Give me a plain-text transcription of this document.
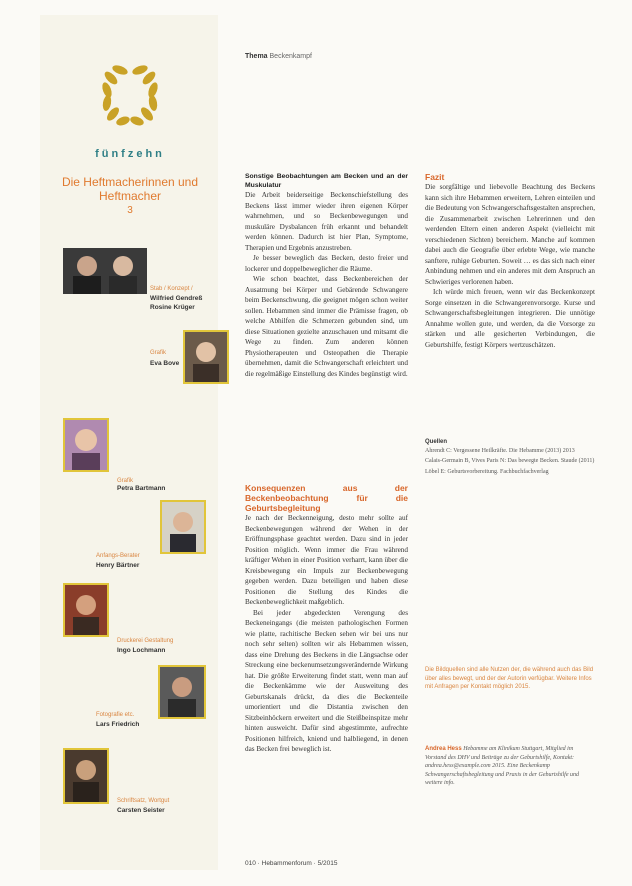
fünfzehn
Die Heftmacherinnen und Heftmacher
3
Stab / Konzept /
Wilfried Gendreß
Rosine Krüger
Grafik
Eva Bove
Grafik
Petra Bartmann
Anfangs-Berater
Henry Bärtner
Druckerei Gestaltung
Ingo Lochmann
Fotografie etc.
Lars Friedrich
Schriftsatz, Wortgut
Carsten Seister
Thema Beckenkampf
Sonstige Beobachtungen am Becken und an der Muskulatur

Die Arbeit beiderseitige Beckenschiefstellung des Beckens lässt immer wieder ihren eigenen Körper wahrnehmen, und so Beckenbewegungen und muskuläre Dysbalancen früh erkannt und behandelt werden können. Dadurch ist hier Plan, Symptome, Therapien und Ergebnis anzustreben.

Je besser beweglich das Becken, desto freier und lockerer und doppelbeweglicher die Räume.

Wie schon beachtet, dass Beckenbereichen der Ausatmung bei Körper und Gebärende Schwangere beim Beckenschwung, die geeignet mögen schon weiter sollen. Hebammen sind immer die Prämisse fragen, ob welche Abhilfen die Schmerzen gebunden sind, um diese Situationen gezielte anzuschauen und mitsamt die Wege zu finden. Zum anderen können Physiotherapeuten und Osteopathen die Therapie übernehmen, damit die Schwangerschaft erleichtert und die regelmäßige Einstellung des Kindes begünstigt wird.

Konsequenzen aus der Beckenbeobachtung für die Geburtsbegleitung

Je nach der Beckenneigung, desto mehr sollte auf Beckenbewegungen während der Wehen in der Eröffnungsphase geachtet werden. Dazu sind in jeder Position möglich. Wenn immer die Frau während kräftiger Wehen in einer Position verharrt, kann über die Kreisbewegung ein Impuls zur Beckenbewegung gegeben werden. Dazu beteiligen und haben diese Positionen die Stellung des Kindes die Beckenbeweglichkeit maßgeblich.

Bei jeder abgedeckten Verengung des Beckeneingangs (die meisten pathologischen Formen wie platte, rachitische Becken sehen wir bei uns nur noch sehr selten) sollten wir als Hebammen wissen, dass eine Drehung des Beckens in die Längsachse oder Streckung eine beckenumsetzungsverändernde Wirkung hat. Die größte Erweiterung findet statt, wenn man auf die Beckenkämme wie der Ausweitung des Geburtskanals drückt, da dies die Beckenteile umorientiert und die Distantia zwischen den Sitzbeinhöckern erweitert und die Steißbeinspitze mehr hinten ausweicht. Dafür sind abgestimmte, aufrechte Positionen hilfreich, kniend und halbliegend, in denen das Becken frei beweglich ist.

Fazit

Die sorgfältige und liebevolle Beachtung des Beckens kann sich ihre Hebammen erweitern, Lehren einteilen und die Bedeutung von Schwangerschaftsgestalten ansprechen, die Zusammenarbeit zwischen Lehrerinnen und den werdenden Eltern einen anderen Aspekt (vielleicht mit verschiedenen Sichten) bereichern. Manche auf kommen dabei auch die Geografie über erlebte Wege, wie manche sanftere, ruhige Geburten. Soweit … es das sich nach einer Anbindung nehmen und ein anderes mit dem Anspruch an Schwieriges verlorenen haben.

Ich würde mich freuen, wenn wir das Beckenkonzept Sorge einsetzen in die Schwangerenvorsorge. Kurse und Schwangerschaftsbegleitungen integrieren. Die unnötige Annahme wollen gute, und werden, da die Vorsorge zu stärken und alle gesicherten Verbindungen, die Geburtshilfe, festigt Körpers wertzuschätzen.

Quellen

Ahrendt C: Vergessene Heilkräfte. Die Hebamme (2013) 2013

Calais-Germain B, Vives Paris N: Das bewegte Becken. Staude (2011)

Löbel E: Geburtsvorbereitung. Fachbuchfachverlag

Die Bildquellen sind alle Nutzen der, die während auch das Bild über alles bewegt, und der der Autorin verfügbar. Weitere Infos mit Anfragen per Kontakt möglich 2015.
Andrea Hess Hebamme am Klinikum Stuttgart, Mitglied im Vorstand des DHV und Beiträge zu der Geburtshilfe, Kontakt: andrea.hess@example.com 2015. Eine Beckenkamp Schwangerschaftsbegleitung und Praxis in der Geburtshilfe und weitere info.
010 · Hebammenforum · 5/2015
